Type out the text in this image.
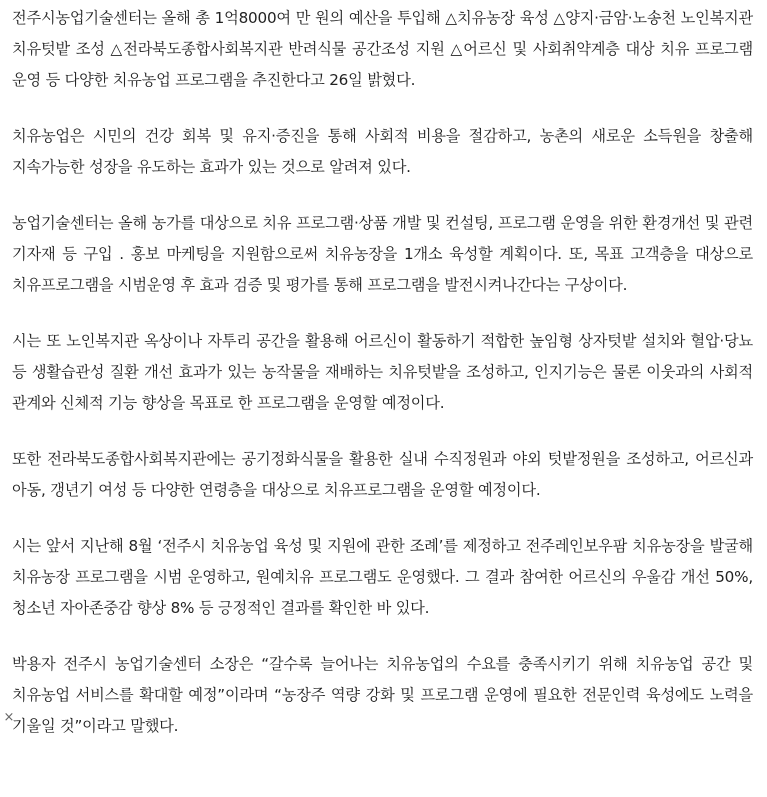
전주시농업기술센터는 올해 총 1억8000여 만 원의 예산을 투입해 △치유농장 육성 △양지·금암·노송천 노인복지관 치유텃밭 조성 △전라북도종합사회복지관 반려식물 공간조성 지원 △어르신 및 사회취약계층 대상 치유 프로그램 운영 등 다양한 치유농업 프로그램을 추진한다고 26일 밝혔다.

치유농업은 시민의 건강 회복 및 유지·증진을 통해 사회적 비용을 절감하고, 농촌의 새로운 소득원을 창출해 지속가능한 성장을 유도하는 효과가 있는 것으로 알려져 있다.

농업기술센터는 올해 농가를 대상으로 치유 프로그램·상품 개발 및 컨설팅, 프로그램 운영을 위한 환경개선 및 관련 기자재 등 구입 . 홍보 마케팅을 지원함으로써 치유농장을 1개소 육성할 계획이다. 또, 목표 고객층을 대상으로 치유프로그램을 시범운영 후 효과 검증 및 평가를 통해 프로그램을 발전시켜나간다는 구상이다.

시는 또 노인복지관 옥상이나 자투리 공간을 활용해 어르신이 활동하기 적합한 높임형 상자텃밭 설치와 혈압·당뇨 등 생활습관성 질환 개선 효과가 있는 농작물을 재배하는 치유텃밭을 조성하고, 인지기능은 물론 이웃과의 사회적 관계와 신체적 기능 향상을 목표로 한 프로그램을 운영할 예정이다.

또한 전라북도종합사회복지관에는 공기정화식물을 활용한 실내 수직정원과 야외 텃밭정원을 조성하고, 어르신과 아동, 갱년기 여성 등 다양한 연령층을 대상으로 치유프로그램을 운영할 예정이다.

시는 앞서 지난해 8월 ‘전주시 치유농업 육성 및 지원에 관한 조례’를 제정하고 전주레인보우팜 치유농장을 발굴해 치유농장 프로그램을 시범 운영하고, 원예치유 프로그램도 운영했다. 그 결과 참여한 어르신의 우울감 개선 50%, 청소년 자아존중감 향상 8% 등 긍정적인 결과를 확인한 바 있다.

박용자 전주시 농업기술센터 소장은 “갈수록 늘어나는 치유농업의 수요를 충족시키기 위해 치유농업 공간 및 치유농업 서비스를 확대할 예정”이라며 “농장주 역량 강화 및 프로그램 운영에 필요한 전문인력 육성에도 노력을 기울일 것”이라고 말했다.

×
